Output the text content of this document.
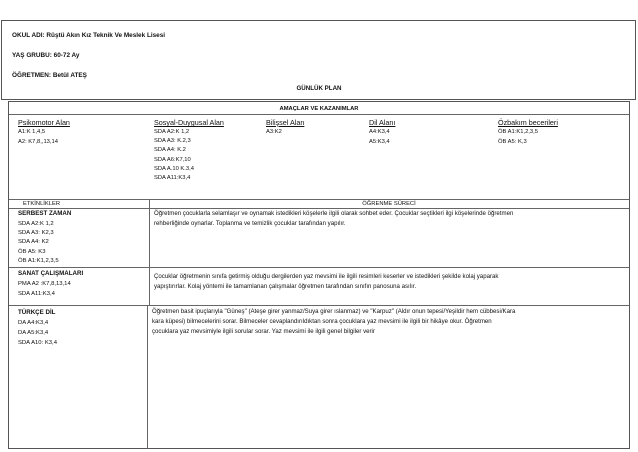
OKUL ADI: Rüştü Akın Kız Teknik Ve Meslek Lisesi
YAŞ GRUBU: 60-72 Ay
ÖĞRETMEN: Betül ATEŞ
GÜNLÜK PLAN
AMAÇLAR VE KAZANIMLAR
Psikomotor Alan
A1:K 1,4,5
A2: K7,8,,13,14
Sosyal-Duygusal Alan
SDA A2:K 1,2
SDA A3: K.2,3
SDA A4: K.2
SDA A6:K7,10
SDA A.10 K.3,4
SDA A11:K3,4
Bilişsel Alan
A3:K2
Dil Alanı
A4:K3,4
A5:K3,4
Özbakım becerileri
ÖB A1:K1,2,3,5
ÖB A5: K,3
ETKİNLİKLER	ÖĞRENME SÜRECİ
SERBEST ZAMAN
SDA A2:K 1,2
SDA A3: K2,3
SDA A4: K2
ÖB A5: K3
ÖB A1:K1,2,3,5
Öğretmen çocuklarla selamlaşır ve oynamak istedikleri köşelerle ilgili olarak sohbet eder. Çocuklar seçtikleri ilgi köşelerinde öğretmen
rehberliğinde oynarlar. Toplanma ve temizlik çocuklar tarafından yapılır.
SANAT ÇALIŞMALARI
PMA A2 :K7,8,13,14
SDA A11:K3,4
Çocuklar öğretmenin sınıfa getirmiş olduğu dergilerden yaz mevsimi ile ilgili resimleri keserler ve istedikleri şekilde kolaj yaparak
yapıştırırlar. Kolaj yöntemi ile tamamlanan çalışmalar öğretmen tarafından sınıfın panosuna asılır.
TÜRKÇE DİL
DA A4:K3,4
DA A5:K3,4
SDA A10: K3,4
Öğretmen basit ipuçlarıyla "Güneş" (Ateşe girer yanmaz/Suya girer ıslanmaz) ve "Karpuz" (Aldır onun tepesi/Yeşildir hem cübbesi/Kara
kara küpesi) bilmecelerini sorar. Bilmeceler cevaplandırıldıktan sonra çocuklara yaz mevsimi ile ilgili bir hikâye okur. Öğretmen
çocuklara yaz mevsimiyle ilgili sorular sorar. Yaz mevsimi ile ilgili genel bilgiler verir
